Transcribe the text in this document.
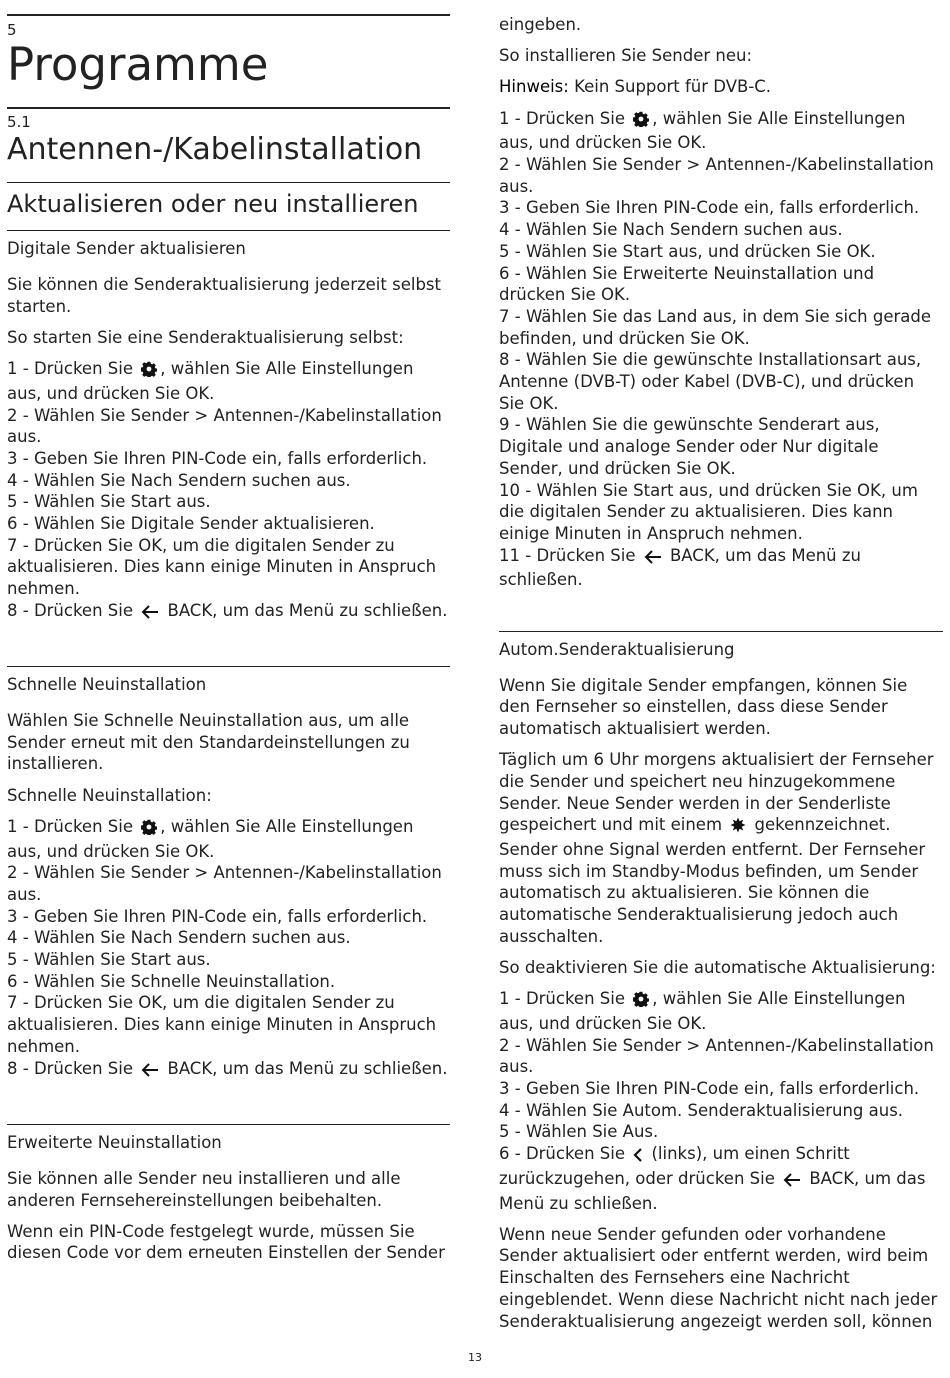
5
Programme
5.1
Antennen-/Kabelinstallation
Aktualisieren oder neu installieren
Digitale Sender aktualisieren

Sie können die Senderaktualisierung jederzeit selbst starten.

So starten Sie eine Senderaktualisierung selbst:

1 - Drücken Sie , wählen Sie Alle Einstellungen aus, und drücken Sie OK.
2 - Wählen Sie Sender > Antennen-/Kabelinstallation aus.
3 - Geben Sie Ihren PIN-Code ein, falls erforderlich.
4 - Wählen Sie Nach Sendern suchen aus.
5 - Wählen Sie Start aus.
6 - Wählen Sie Digitale Sender aktualisieren.
7 - Drücken Sie OK, um die digitalen Sender zu aktualisieren. Dies kann einige Minuten in Anspruch nehmen.
8 - Drücken Sie  BACK, um das Menü zu schließen.
Schnelle Neuinstallation

Wählen Sie Schnelle Neuinstallation aus, um alle Sender erneut mit den Standardeinstellungen zu installieren.

Schnelle Neuinstallation:

1 - Drücken Sie , wählen Sie Alle Einstellungen aus, und drücken Sie OK.
2 - Wählen Sie Sender > Antennen-/Kabelinstallation aus.
3 - Geben Sie Ihren PIN-Code ein, falls erforderlich.
4 - Wählen Sie Nach Sendern suchen aus.
5 - Wählen Sie Start aus.
6 - Wählen Sie Schnelle Neuinstallation.
7 - Drücken Sie OK, um die digitalen Sender zu aktualisieren. Dies kann einige Minuten in Anspruch nehmen.
8 - Drücken Sie  BACK, um das Menü zu schließen.
Erweiterte Neuinstallation

Sie können alle Sender neu installieren und alle anderen Fernsehereinstellungen beibehalten.

Wenn ein PIN-Code festgelegt wurde, müssen Sie diesen Code vor dem erneuten Einstellen der Sender

eingeben.

So installieren Sie Sender neu:

Hinweis: Kein Support für DVB-C.

1 - Drücken Sie , wählen Sie Alle Einstellungen aus, und drücken Sie OK.
2 - Wählen Sie Sender > Antennen-/Kabelinstallation aus.
3 - Geben Sie Ihren PIN-Code ein, falls erforderlich.
4 - Wählen Sie Nach Sendern suchen aus.
5 - Wählen Sie Start aus, und drücken Sie OK.
6 - Wählen Sie Erweiterte Neuinstallation und drücken Sie OK.
7 - Wählen Sie das Land aus, in dem Sie sich gerade befinden, und drücken Sie OK.
8 - Wählen Sie die gewünschte Installationsart aus, Antenne (DVB-T) oder Kabel (DVB-C), und drücken Sie OK.
9 - Wählen Sie die gewünschte Senderart aus, Digitale und analoge Sender oder Nur digitale Sender, und drücken Sie OK.
10 - Wählen Sie Start aus, und drücken Sie OK, um die digitalen Sender zu aktualisieren. Dies kann einige Minuten in Anspruch nehmen.
11 - Drücken Sie  BACK, um das Menü zu schließen.
Autom.Senderaktualisierung

Wenn Sie digitale Sender empfangen, können Sie den Fernseher so einstellen, dass diese Sender automatisch aktualisiert werden.

Täglich um 6 Uhr morgens aktualisiert der Fernseher die Sender und speichert neu hinzugekommene Sender. Neue Sender werden in der Senderliste gespeichert und mit einem  gekennzeichnet. Sender ohne Signal werden entfernt. Der Fernseher muss sich im Standby-Modus befinden, um Sender automatisch zu aktualisieren. Sie können die automatische Senderaktualisierung jedoch auch ausschalten.

So deaktivieren Sie die automatische Aktualisierung:

1 - Drücken Sie , wählen Sie Alle Einstellungen aus, und drücken Sie OK.
2 - Wählen Sie Sender > Antennen-/Kabelinstallation aus.
3 - Geben Sie Ihren PIN-Code ein, falls erforderlich.
4 - Wählen Sie Autom. Senderaktualisierung aus.
5 - Wählen Sie Aus.
6 - Drücken Sie  (links), um einen Schritt zurückzugehen, oder drücken Sie  BACK, um das Menü zu schließen.

Wenn neue Sender gefunden oder vorhandene Sender aktualisiert oder entfernt werden, wird beim Einschalten des Fernsehers eine Nachricht eingeblendet. Wenn diese Nachricht nicht nach jeder Senderaktualisierung angezeigt werden soll, können

13
